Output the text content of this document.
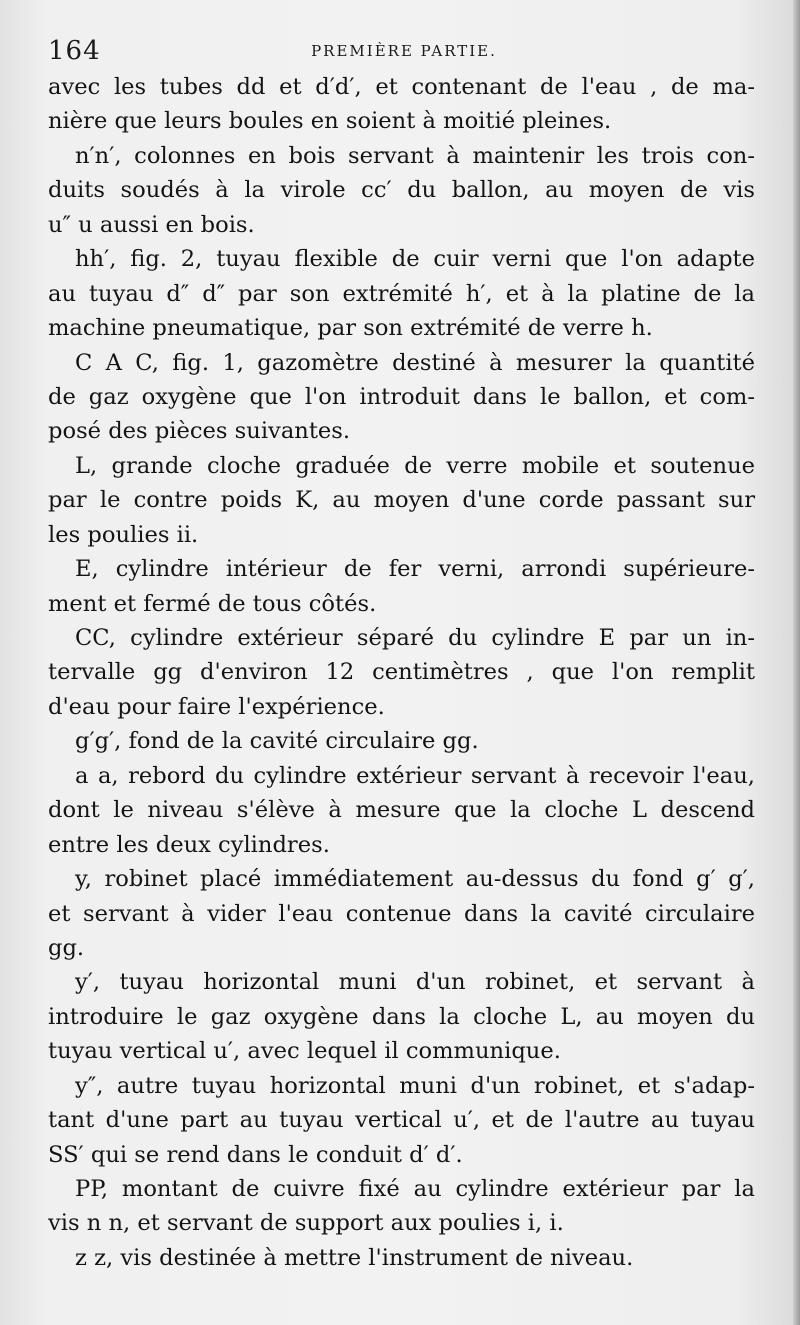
164	PREMIÈRE PARTIE.
avec les tubes dd et d′d′, et contenant de l'eau , de ma-
nière que leurs boules en soient à moitié pleines.
n′n′, colonnes en bois servant à maintenir les trois con-
duits soudés à la virole cc′ du ballon, au moyen de vis
u″ u aussi en bois.
hh′, fig. 2, tuyau flexible de cuir verni que l'on adapte
au tuyau d″ d″ par son extrémité h′, et à la platine de la
machine pneumatique, par son extrémité de verre h.
C A C, fig. 1, gazomètre destiné à mesurer la quantité
de gaz oxygène que l'on introduit dans le ballon, et com-
posé des pièces suivantes.
L, grande cloche graduée de verre mobile et soutenue
par le contre poids K, au moyen d'une corde passant sur
les poulies ii.
E, cylindre intérieur de fer verni, arrondi supérieure-
ment et fermé de tous côtés.
CC, cylindre extérieur séparé du cylindre E par un in-
tervalle gg d'environ 12 centimètres , que l'on remplit
d'eau pour faire l'expérience.
g′g′, fond de la cavité circulaire gg.
a a, rebord du cylindre extérieur servant à recevoir l'eau,
dont le niveau s'élève à mesure que la cloche L descend
entre les deux cylindres.
y, robinet placé immédiatement au-dessus du fond g′ g′,
et servant à vider l'eau contenue dans la cavité circulaire
gg.
y′, tuyau horizontal muni d'un robinet, et servant à
introduire le gaz oxygène dans la cloche L, au moyen du
tuyau vertical u′, avec lequel il communique.
y″, autre tuyau horizontal muni d'un robinet, et s'adap-
tant d'une part au tuyau vertical u′, et de l'autre au tuyau
SS′ qui se rend dans le conduit d′ d′.
PP, montant de cuivre fixé au cylindre extérieur par la
vis n n, et servant de support aux poulies i, i.
z z, vis destinée à mettre l'instrument de niveau.
